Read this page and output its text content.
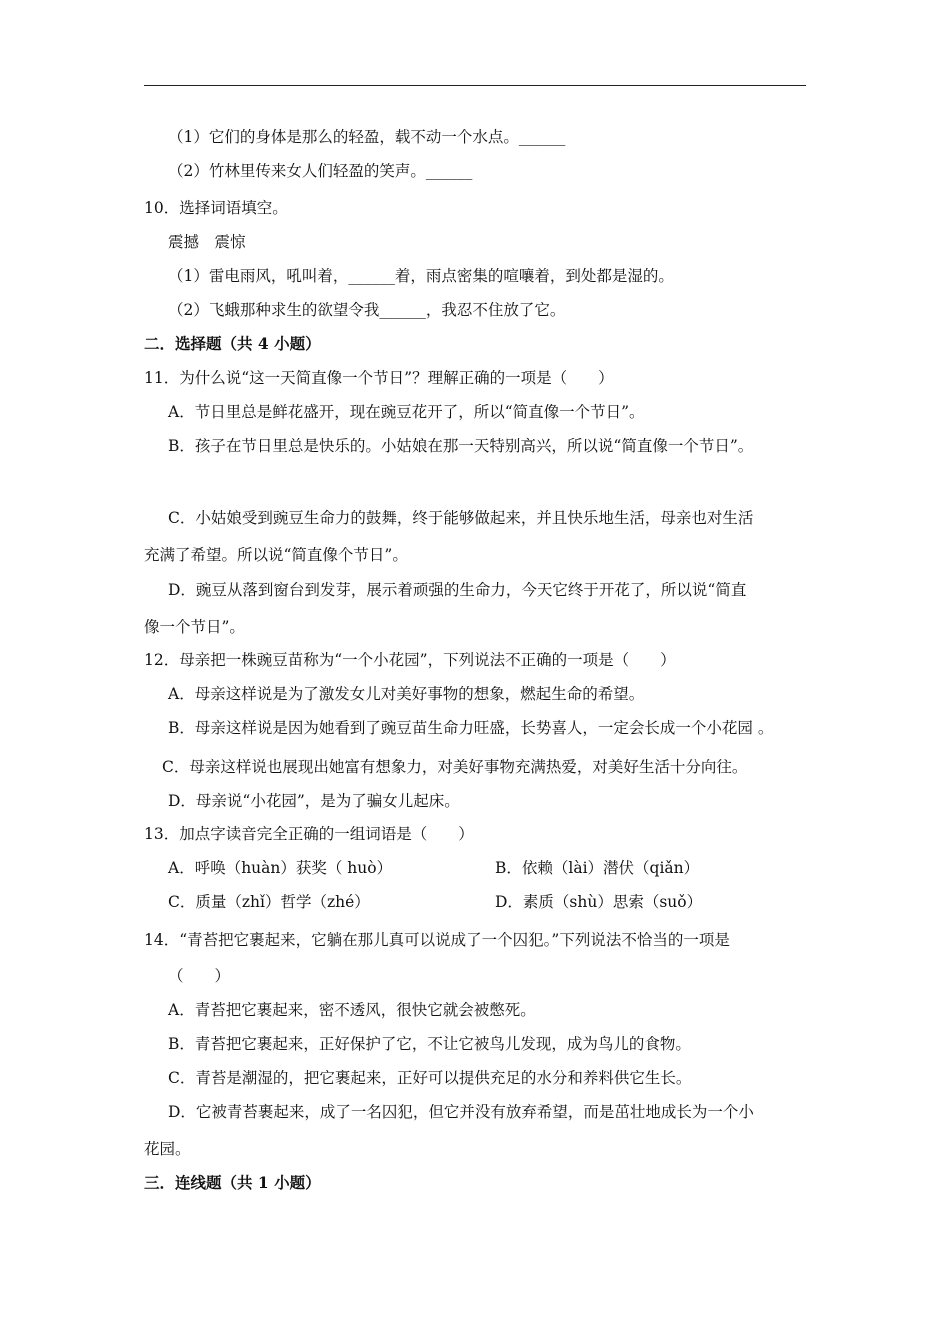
（1）它们的身体是那么的轻盈，载不动一个水点。______
（2）竹林里传来女人们轻盈的笑声。______
10．选择词语填空。
震撼　震惊
（1）雷电雨风，吼叫着，______着，雨点密集的喧嚷着，到处都是湿的。
（2）飞蛾那种求生的欲望令我______，我忍不住放了它。
二．选择题（共 4 小题）
11．为什么说“这一天简直像一个节日”？理解正确的一项是（　　）
A．节日里总是鲜花盛开，现在豌豆花开了，所以“简直像一个节日”。
B．孩子在节日里总是快乐的。小姑娘在那一天特别高兴，所以说“简直像一个节日”。
C．小姑娘受到豌豆生命力的鼓舞，终于能够做起来，并且快乐地生活，母亲也对生活
充满了希望。所以说“简直像个节日”。
D．豌豆从落到窗台到发芽，展示着顽强的生命力，今天它终于开花了，所以说“简直
像一个节日”。
12．母亲把一株豌豆苗称为“一个小花园”，下列说法不正确的一项是（　　）
A．母亲这样说是为了激发女儿对美好事物的想象，燃起生命的希望。
B．母亲这样说是因为她看到了豌豆苗生命力旺盛，长势喜人，一定会长成一个小花园 。
C．母亲这样说也展现出她富有想象力，对美好事物充满热爱，对美好生活十分向往。
D．母亲说“小花园”，是为了骗女儿起床。
13．加点字读音完全正确的一组词语是（　　）
A．呼唤（huàn）获奖（ huò）	B．依赖（lài）潜伏（qiǎn）
C．质量（zhǐ）哲学（zhé）	D．素质（shù）思索（suǒ）
14．“青苔把它裹起来，它躺在那儿真可以说成了一个囚犯。”下列说法不恰当的一项是
（　　）
A．青苔把它裹起来，密不透风，很快它就会被憋死。
B．青苔把它裹起来，正好保护了它，不让它被鸟儿发现，成为鸟儿的食物。
C．青苔是潮湿的，把它裹起来，正好可以提供充足的水分和养料供它生长。
D．它被青苔裹起来，成了一名囚犯，但它并没有放弃希望，而是茁壮地成长为一个小
花园。
三．连线题（共 1 小题）
